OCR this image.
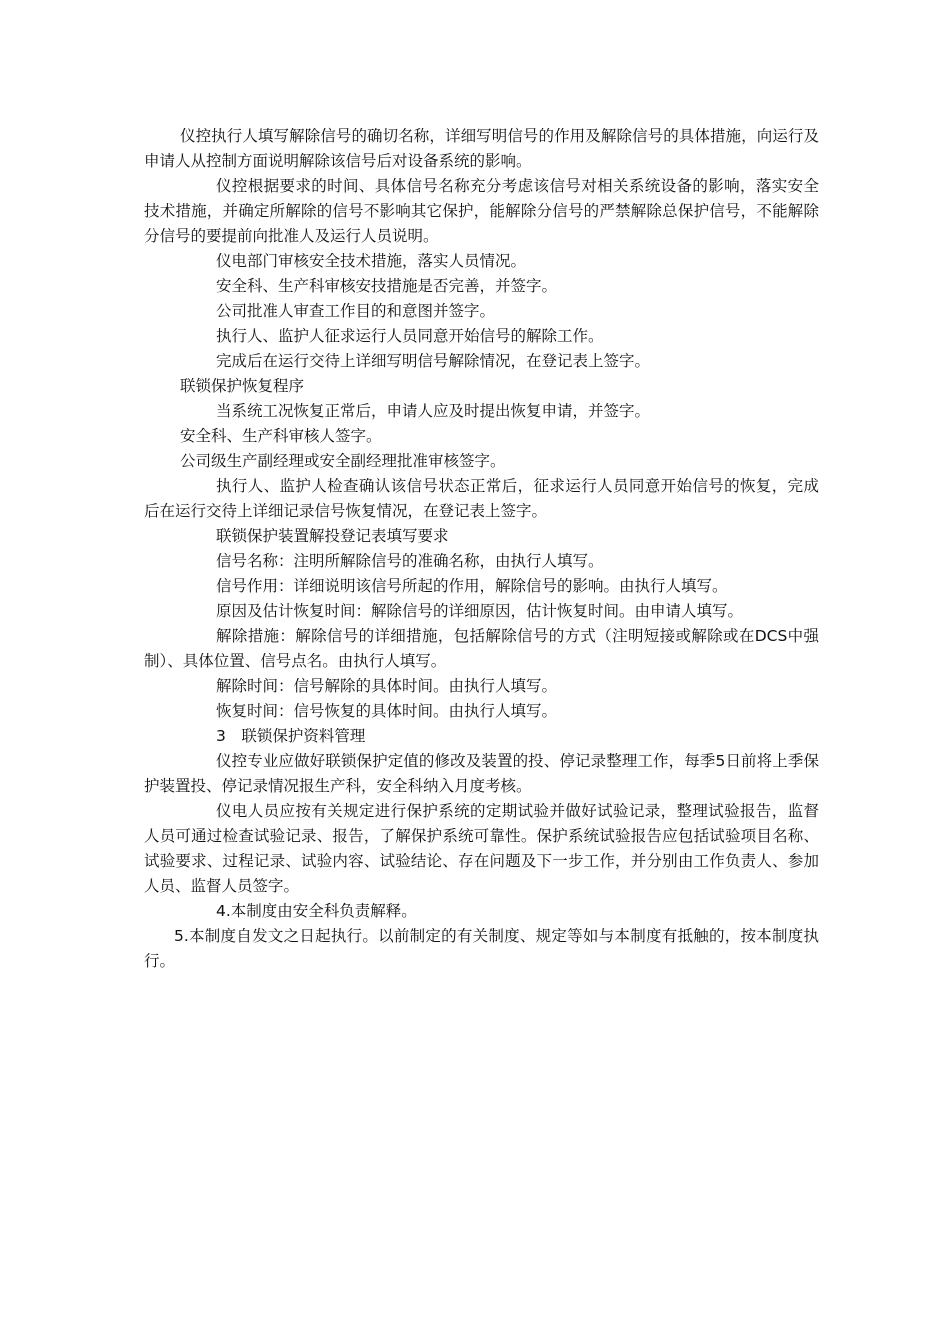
仪控执行人填写解除信号的确切名称，详细写明信号的作用及解除信号的具体措施，向运行及申请人从控制方面说明解除该信号后对设备系统的影响。

仪控根据要求的时间、具体信号名称充分考虑该信号对相关系统设备的影响，落实安全技术措施，并确定所解除的信号不影响其它保护，能解除分信号的严禁解除总保护信号，不能解除分信号的要提前向批准人及运行人员说明。

仪电部门审核安全技术措施，落实人员情况。

安全科、生产科审核安技措施是否完善，并签字。

公司批准人审查工作目的和意图并签字。

执行人、监护人征求运行人员同意开始信号的解除工作。

完成后在运行交待上详细写明信号解除情况，在登记表上签字。

联锁保护恢复程序

当系统工况恢复正常后，申请人应及时提出恢复申请，并签字。

安全科、生产科审核人签字。

公司级生产副经理或安全副经理批准审核签字。

执行人、监护人检查确认该信号状态正常后，征求运行人员同意开始信号的恢复，完成后在运行交待上详细记录信号恢复情况，在登记表上签字。

联锁保护装置解投登记表填写要求

信号名称：注明所解除信号的准确名称，由执行人填写。

信号作用：详细说明该信号所起的作用，解除信号的影响。由执行人填写。

原因及估计恢复时间：解除信号的详细原因，估计恢复时间。由申请人填写。

解除措施：解除信号的详细措施，包括解除信号的方式（注明短接或解除或在DCS中强制）、具体位置、信号点名。由执行人填写。

解除时间：信号解除的具体时间。由执行人填写。

恢复时间：信号恢复的具体时间。由执行人填写。

3　联锁保护资料管理

仪控专业应做好联锁保护定值的修改及装置的投、停记录整理工作，每季5日前将上季保护装置投、停记录情况报生产科，安全科纳入月度考核。

仪电人员应按有关规定进行保护系统的定期试验并做好试验记录，整理试验报告，监督人员可通过检查试验记录、报告，了解保护系统可靠性。保护系统试验报告应包括试验项目名称、试验要求、过程记录、试验内容、试验结论、存在问题及下一步工作，并分别由工作负责人、参加人员、监督人员签字。

4.本制度由安全科负责解释。

5.本制度自发文之日起执行。以前制定的有关制度、规定等如与本制度有抵触的，按本制度执行。
